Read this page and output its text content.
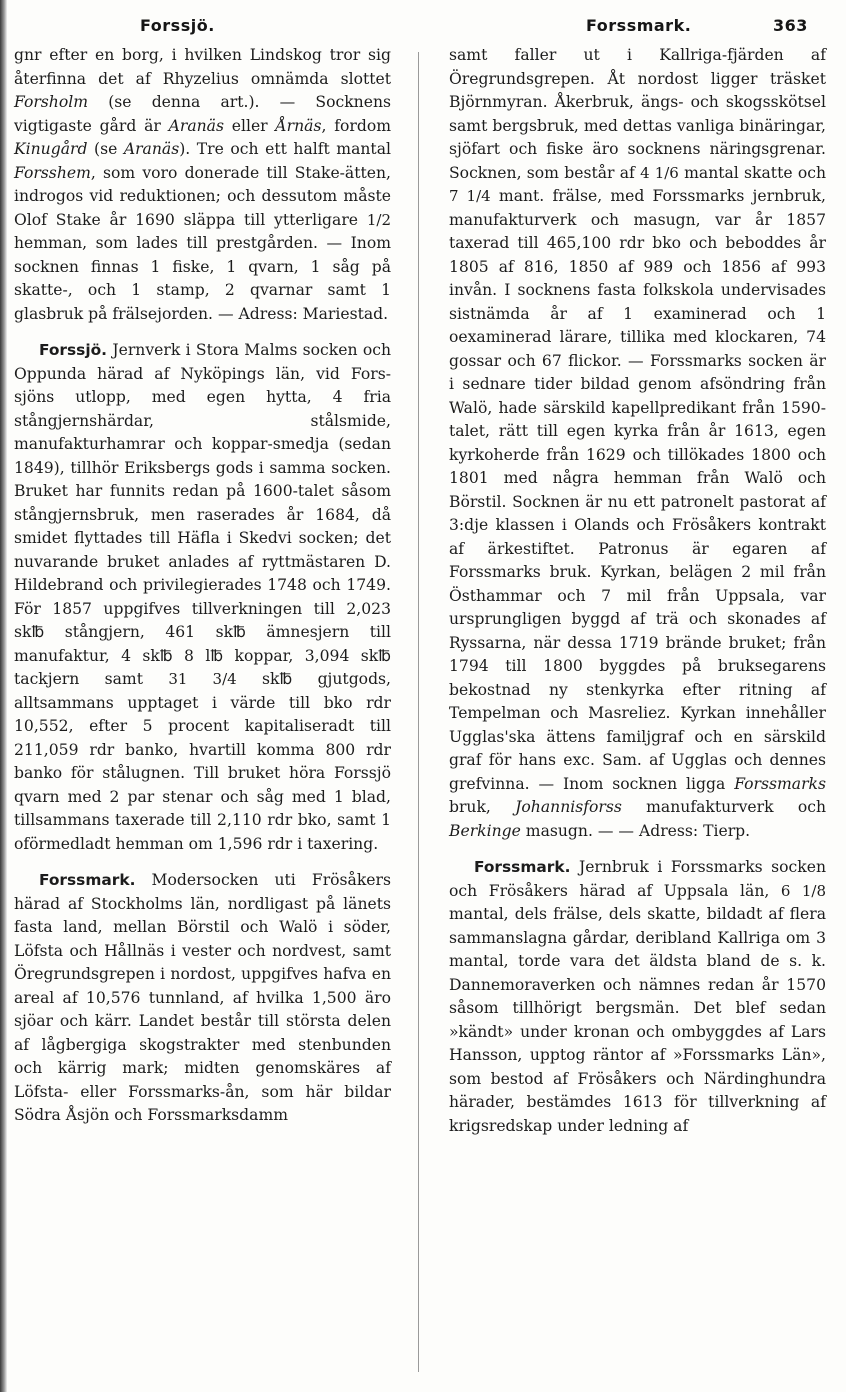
Forssjö.	Forssmark.	363

gnr efter en borg, i hvilken Lindskog tror sig återfinna det af Rhyzelius omnämda slottet Forsholm (se denna art.). — Socknens vigtigaste gård är Aranäs eller Årnäs, fordom Kinugård (se Aranäs). Tre och ett halft mantal Forsshem, som voro donerade till Stake-ätten, indrogos vid reduktionen; och dessutom måste Olof Stake år 1690 släppa till ytterligare 1/2 hemman, som lades till prestgården. — Inom socknen finnas 1 fiske, 1 qvarn, 1 såg på skatte-, och 1 stamp, 2 qvarnar samt 1 glasbruk på frälsejorden. — Adress: Mariestad.

Forssjö. Jernverk i Stora Malms socken och Oppunda härad af Nyköpings län, vid Fors-sjöns utlopp, med egen hytta, 4 fria stångjernshärdar, stålsmide, manufakturhamrar och koppar-smedja (sedan 1849), tillhör Eriksbergs gods i samma socken. Bruket har funnits redan på 1600-talet såsom stångjernsbruk, men raserades år 1684, då smidet flyttades till Häfla i Skedvi socken; det nuvarande bruket anlades af ryttmästaren D. Hildebrand och privilegierades 1748 och 1749. För 1857 uppgifves tillverkningen till 2,023 sk℔ stångjern, 461 sk℔ ämnesjern till manufaktur, 4 sk℔ 8 l℔ koppar, 3,094 sk℔ tackjern samt 31 3/4 sk℔ gjutgods, alltsammans upptaget i värde till bko rdr 10,552, efter 5 procent kapitaliseradt till 211,059 rdr banko, hvartill komma 800 rdr banko för stålugnen. Till bruket höra Forssjö qvarn med 2 par stenar och såg med 1 blad, tillsammans taxerade till 2,110 rdr bko, samt 1 oförmedladt hemman om 1,596 rdr i taxering.

Forssmark. Modersocken uti Frösåkers härad af Stockholms län, nordligast på länets fasta land, mellan Börstil och Walö i söder, Löfsta och Hållnäs i vester och nordvest, samt Öregrundsgrepen i nordost, uppgifves hafva en areal af 10,576 tunnland, af hvilka 1,500 äro sjöar och kärr. Landet består till största delen af lågbergiga skogstrakter med stenbunden och kärrig mark; midten genomskäres af Löfsta- eller Forssmarks-ån, som här bildar Södra Åsjön och Forssmarksdamm

samt faller ut i Kallriga-fjärden af Öregrundsgrepen. Åt nordost ligger träsket Björnmyran. Åkerbruk, ängs- och skogsskötsel samt bergsbruk, med dettas vanliga binäringar, sjöfart och fiske äro socknens näringsgrenar. Socknen, som består af 4 1/6 mantal skatte och 7 1/4 mant. frälse, med Forssmarks jernbruk, manufakturverk och masugn, var år 1857 taxerad till 465,100 rdr bko och beboddes år 1805 af 816, 1850 af 989 och 1856 af 993 invån. I socknens fasta folkskola undervisades sistnämda år af 1 examinerad och 1 oexaminerad lärare, tillika med klockaren, 74 gossar och 67 flickor. — Forssmarks socken är i sednare tider bildad genom afsöndring från Walö, hade särskild kapellpredikant från 1590-talet, rätt till egen kyrka från år 1613, egen kyrkoherde från 1629 och tillökades 1800 och 1801 med några hemman från Walö och Börstil. Socknen är nu ett patronelt pastorat af 3:dje klassen i Olands och Frösåkers kontrakt af ärkestiftet. Patronus är egaren af Forssmarks bruk. Kyrkan, belägen 2 mil från Östhammar och 7 mil från Uppsala, var ursprungligen byggd af trä och skonades af Ryssarna, när dessa 1719 brände bruket; från 1794 till 1800 byggdes på bruksegarens bekostnad ny stenkyrka efter ritning af Tempelman och Masreliez. Kyrkan innehåller Ugglas'ska ättens familjgraf och en särskild graf för hans exc. Sam. af Ugglas och dennes grefvinna. — Inom socknen ligga Forssmarks bruk, Johannisforss manufakturverk och Berkinge masugn. — — Adress: Tierp.

Forssmark. Jernbruk i Forssmarks socken och Frösåkers härad af Uppsala län, 6 1/8 mantal, dels frälse, dels skatte, bildadt af flera sammanslagna gårdar, deribland Kallriga om 3 mantal, torde vara det äldsta bland de s. k. Dannemoraverken och nämnes redan år 1570 såsom tillhörigt bergsmän. Det blef sedan »kändt» under kronan och ombyggdes af Lars Hansson, upptog räntor af »Forssmarks Län», som bestod af Frösåkers och Närdinghundra härader, bestämdes 1613 för tillverkning af krigsredskap under ledning af
